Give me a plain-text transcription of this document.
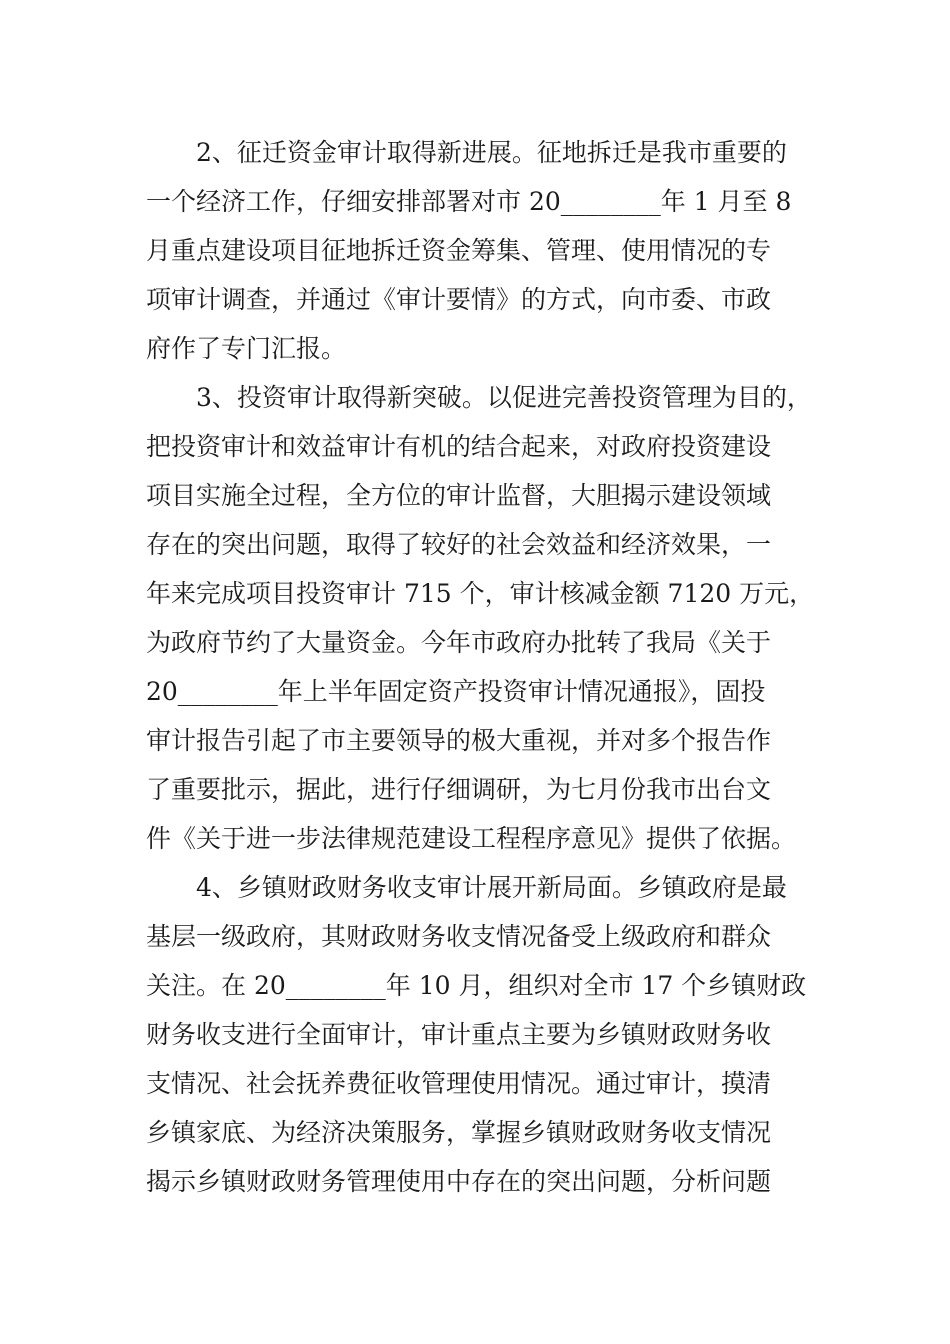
2、征迁资金审计取得新进展。征地拆迁是我市重要的
一个经济工作，仔细安排部署对市 20________年 1 月至 8
月重点建设项目征地拆迁资金筹集、管理、使用情况的专
项审计调查，并通过《审计要情》的方式，向市委、市政
府作了专门汇报。
3、投资审计取得新突破。以促进完善投资管理为目的，
把投资审计和效益审计有机的结合起来，对政府投资建设
项目实施全过程，全方位的审计监督，大胆揭示建设领域
存在的突出问题，取得了较好的社会效益和经济效果，一
年来完成项目投资审计 715 个，审计核减金额 7120 万元，
为政府节约了大量资金。今年市政府办批转了我局《关于
20________年上半年固定资产投资审计情况通报》，固投
审计报告引起了市主要领导的极大重视，并对多个报告作
了重要批示，据此，进行仔细调研，为七月份我市出台文
件《关于进一步法律规范建设工程程序意见》提供了依据。
4、乡镇财政财务收支审计展开新局面。乡镇政府是最
基层一级政府，其财政财务收支情况备受上级政府和群众
关注。在 20________年 10 月，组织对全市 17 个乡镇财政
财务收支进行全面审计，审计重点主要为乡镇财政财务收
支情况、社会抚养费征收管理使用情况。通过审计，摸清
乡镇家底、为经济决策服务，掌握乡镇财政财务收支情况
揭示乡镇财政财务管理使用中存在的突出问题，分析问题
